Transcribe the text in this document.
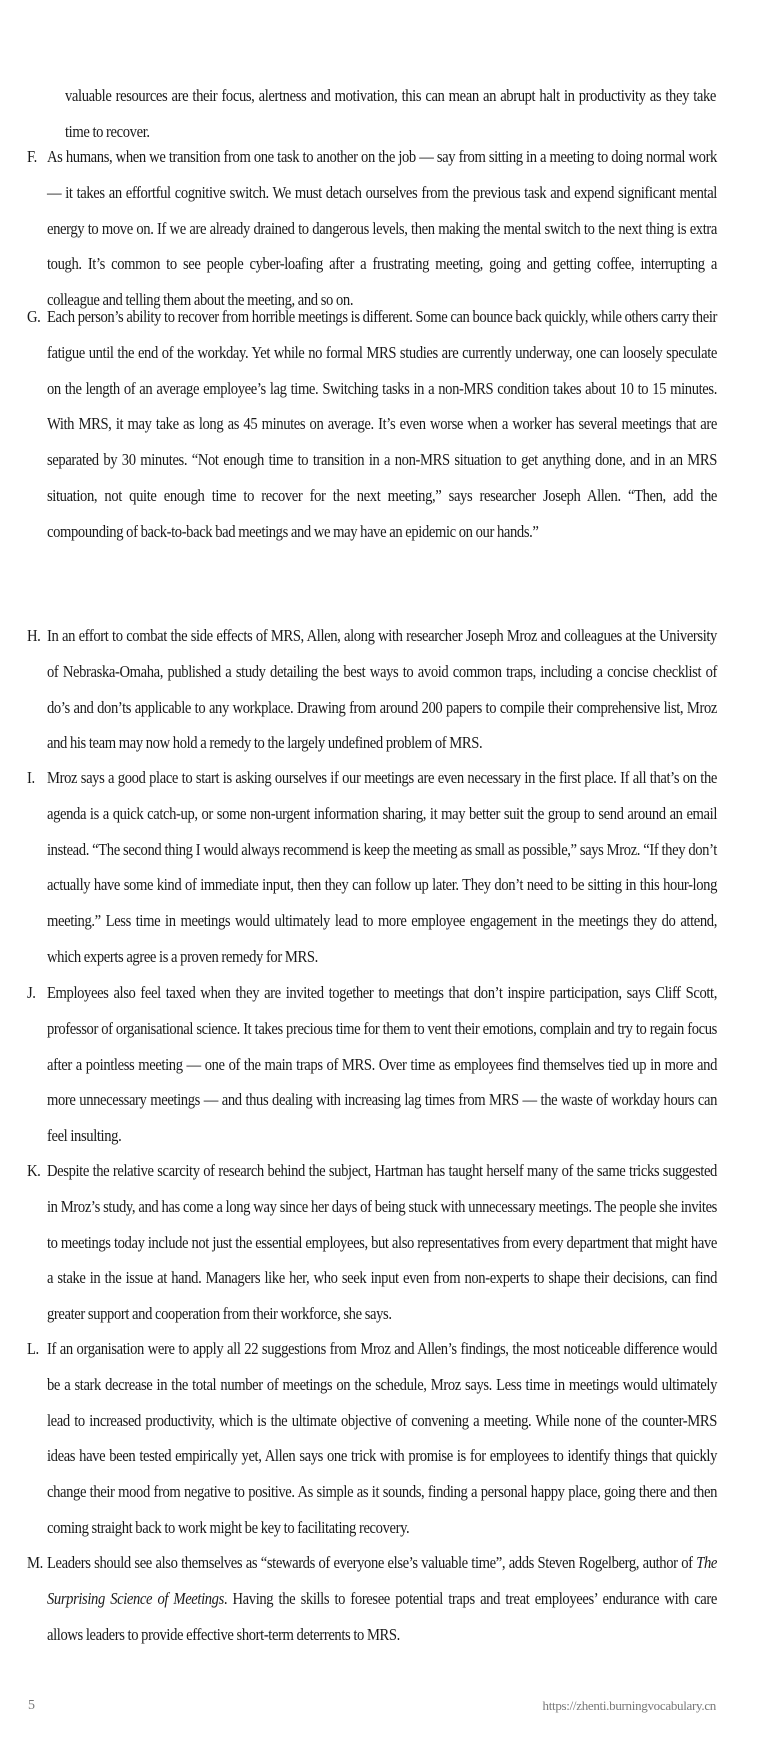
valuable resources are their focus, alertness and motivation, this can mean an abrupt halt in productivity as they take time to recover.
F. As humans, when we transition from one task to another on the job — say from sitting in a meeting to doing normal work — it takes an effortful cognitive switch. We must detach ourselves from the previous task and expend significant mental energy to move on. If we are already drained to dangerous levels, then making the mental switch to the next thing is extra tough. It’s common to see people cyber-loafing after a frustrating meeting, going and getting coffee, interrupting a colleague and telling them about the meeting, and so on.
G. Each person’s ability to recover from horrible meetings is different. Some can bounce back quickly, while others carry their fatigue until the end of the workday. Yet while no formal MRS studies are currently underway, one can loosely speculate on the length of an average employee’s lag time. Switching tasks in a non-MRS condition takes about 10 to 15 minutes. With MRS, it may take as long as 45 minutes on average. It’s even worse when a worker has several meetings that are separated by 30 minutes. “Not enough time to transition in a non-MRS situation to get anything done, and in an MRS situation, not quite enough time to recover for the next meeting,” says researcher Joseph Allen. “Then, add the compounding of back-to-back bad meetings and we may have an epidemic on our hands.”
H. In an effort to combat the side effects of MRS, Allen, along with researcher Joseph Mroz and colleagues at the University of Nebraska-Omaha, published a study detailing the best ways to avoid common traps, including a concise checklist of do’s and don’ts applicable to any workplace. Drawing from around 200 papers to compile their comprehensive list, Mroz and his team may now hold a remedy to the largely undefined problem of MRS.
I. Mroz says a good place to start is asking ourselves if our meetings are even necessary in the first place. If all that’s on the agenda is a quick catch-up, or some non-urgent information sharing, it may better suit the group to send around an email instead. “The second thing I would always recommend is keep the meeting as small as possible,” says Mroz. “If they don’t actually have some kind of immediate input, then they can follow up later. They don’t need to be sitting in this hour-long meeting.” Less time in meetings would ultimately lead to more employee engagement in the meetings they do attend, which experts agree is a proven remedy for MRS.
J. Employees also feel taxed when they are invited together to meetings that don’t inspire participation, says Cliff Scott, professor of organisational science. It takes precious time for them to vent their emotions, complain and try to regain focus after a pointless meeting — one of the main traps of MRS. Over time as employees find themselves tied up in more and more unnecessary meetings — and thus dealing with increasing lag times from MRS — the waste of workday hours can feel insulting.
K. Despite the relative scarcity of research behind the subject, Hartman has taught herself many of the same tricks suggested in Mroz’s study, and has come a long way since her days of being stuck with unnecessary meetings. The people she invites to meetings today include not just the essential employees, but also representatives from every department that might have a stake in the issue at hand. Managers like her, who seek input even from non-experts to shape their decisions, can find greater support and cooperation from their workforce, she says.
L. If an organisation were to apply all 22 suggestions from Mroz and Allen’s findings, the most noticeable difference would be a stark decrease in the total number of meetings on the schedule, Mroz says. Less time in meetings would ultimately lead to increased productivity, which is the ultimate objective of convening a meeting. While none of the counter-MRS ideas have been tested empirically yet, Allen says one trick with promise is for employees to identify things that quickly change their mood from negative to positive. As simple as it sounds, finding a personal happy place, going there and then coming straight back to work might be key to facilitating recovery.
M. Leaders should see also themselves as “stewards of everyone else’s valuable time”, adds Steven Rogelberg, author of The Surprising Science of Meetings. Having the skills to foresee potential traps and treat employees’ endurance with care allows leaders to provide effective short-term deterrents to MRS.
5	https://zhenti.burningvocabulary.cn
